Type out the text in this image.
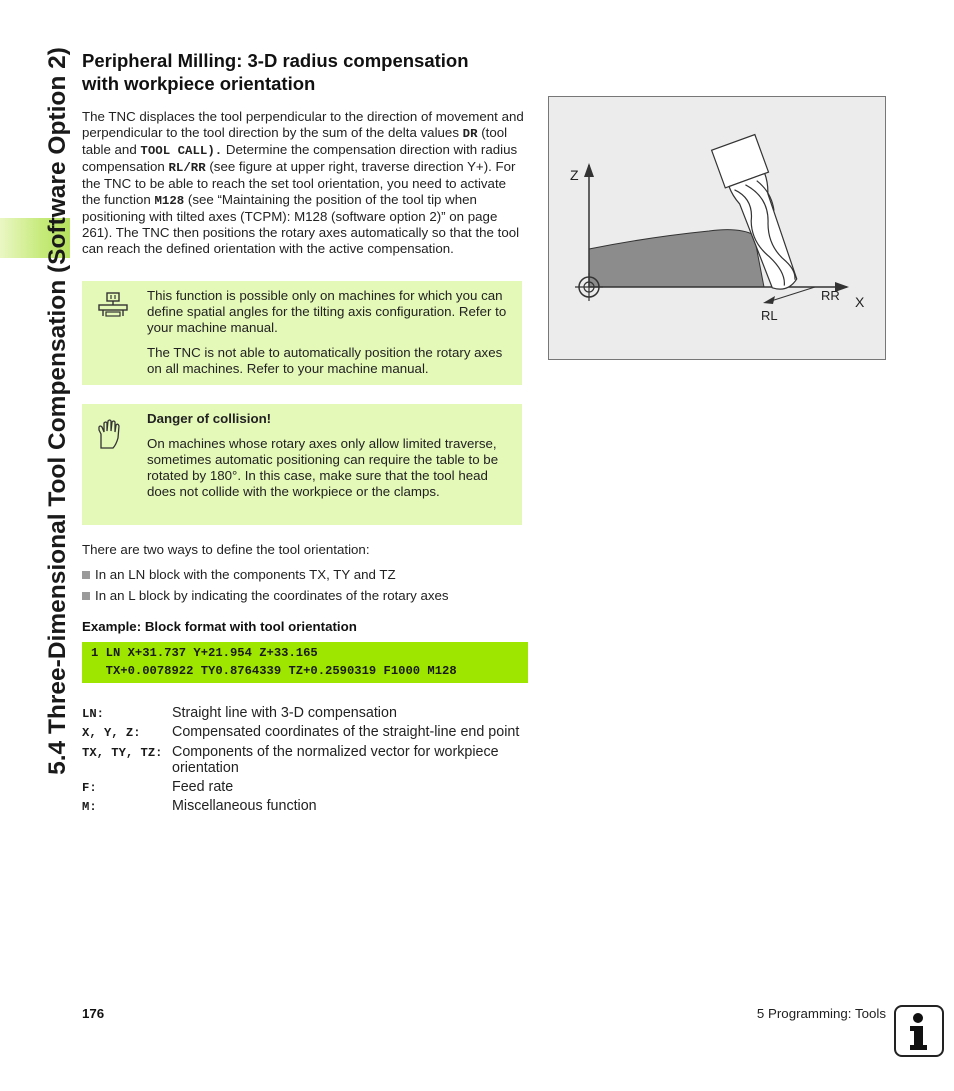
5.4 Three-Dimensional Tool Compensation (Software Option 2) Peripheral Milling: 3-D radius compensation
with workpiece orientation
The TNC displaces the tool perpendicular to the direction of movement and perpendicular to the tool direction by the sum of the delta values DR (tool table and TOOL CALL). Determine the compensation direction with radius compensation RL/RR (see figure at upper right, traverse direction Y+). For the TNC to be able to reach the set tool orientation, you need to activate the function M128 (see “Maintaining the position of the tool tip when positioning with tilted axes (TCPM): M128 (software option 2)” on page 261). The TNC then positions the rotary axes automatically so that the tool can reach the defined orientation with the active compensation.

This function is possible only on machines for which you can define spatial angles for the tilting axis configuration. Refer to your machine manual.

The TNC is not able to automatically position the rotary axes on all machines. Refer to your machine manual.

Danger of collision!

On machines whose rotary axes only allow limited traverse, sometimes automatic positioning can require the table to be rotated by 180°. In this case, make sure that the tool head does not collide with the workpiece or the clamps.

There are two ways to define the tool orientation:
In an LN block with the components TX, TY and TZ
In an L block by indicating the coordinates of the rotary axes
Example: Block format with tool orientation
1 LN X+31.737 Y+21.954 Z+33.165
TX+0.0078922 TY0.8764339 TZ+0.2590319 F1000 M128
LN:	Straight line with 3-D compensation
X, Y, Z: Compensated coordinates of the straight-line end point
TX, TY, TZ: Components of the normalized vector for workpiece orientation
F:	Feed rate
M:	Miscellaneous function
Z
X
RR
RL
176	5 Programming: Tools
